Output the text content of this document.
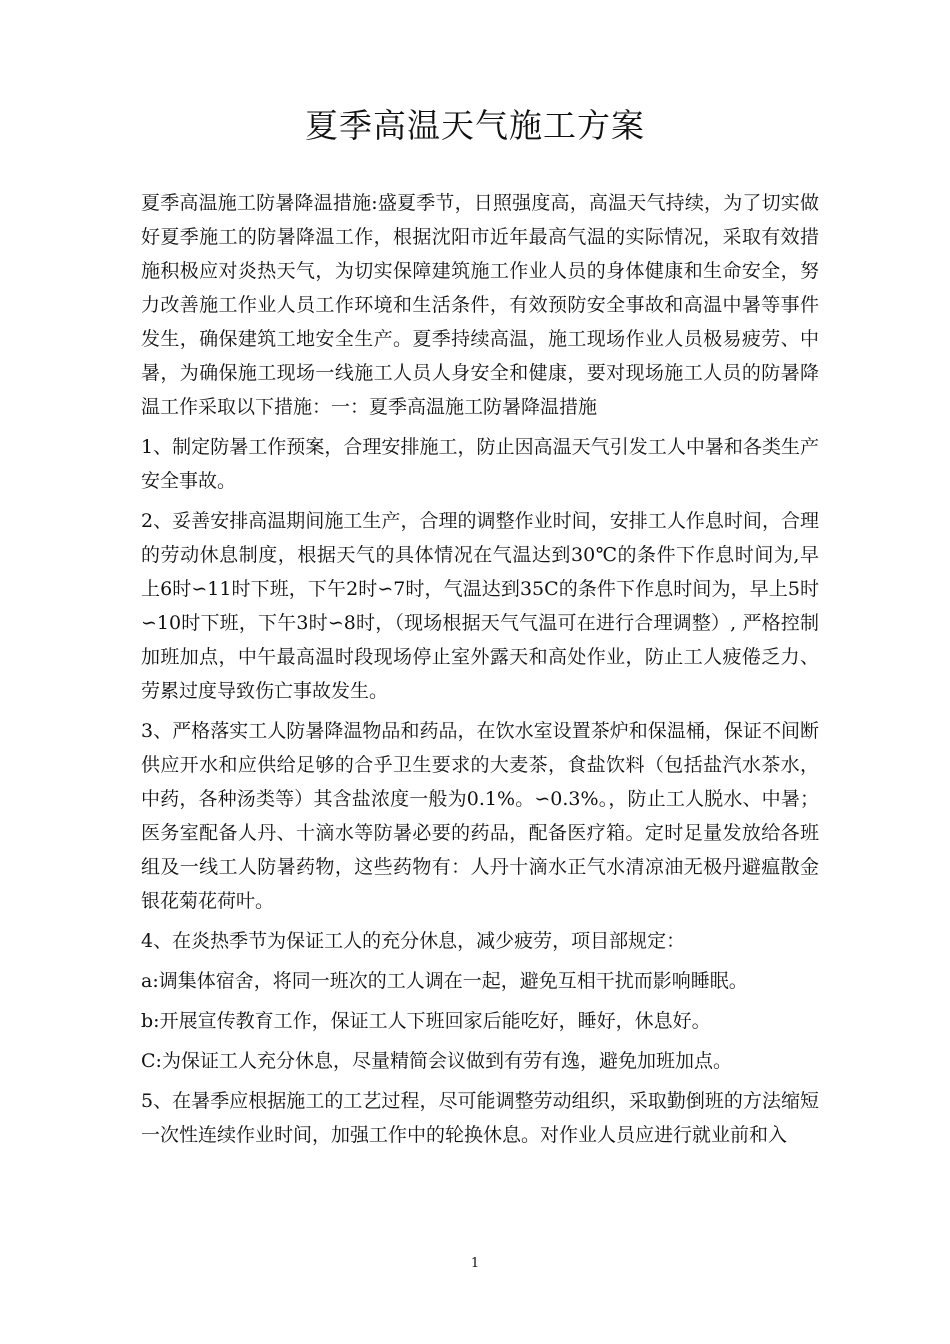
夏季高温天气施工方案

夏季高温施工防暑降温措施:盛夏季节，日照强度高，高温天气持续，为了切实做好夏季施工的防暑降温工作，根据沈阳市近年最高气温的实际情况，采取有效措施积极应对炎热天气，为切实保障建筑施工作业人员的身体健康和生命安全，努力改善施工作业人员工作环境和生活条件，有效预防安全事故和高温中暑等事件发生，确保建筑工地安全生产。夏季持续高温，施工现场作业人员极易疲劳、中暑，为确保施工现场一线施工人员人身安全和健康，要对现场施工人员的防暑降温工作采取以下措施：一：夏季高温施工防暑降温措施

1、制定防暑工作预案，合理安排施工，防止因高温天气引发工人中暑和各类生产安全事故。

2、妥善安排高温期间施工生产，合理的调整作业时间，安排工人作息时间，合理的劳动休息制度，根据天气的具体情况在气温达到30℃的条件下作息时间为,早上6时∽11时下班，下午2时∽7时，气温达到35C的条件下作息时间为，早上5时∽10时下班，下午3时∽8时，（现场根据天气气温可在进行合理调整）, 严格控制加班加点，中午最高温时段现场停止室外露天和高处作业，防止工人疲倦乏力、劳累过度导致伤亡事故发生。

3、严格落实工人防暑降温物品和药品，在饮水室设置茶炉和保温桶，保证不间断供应开水和应供给足够的合乎卫生要求的大麦茶，食盐饮料（包括盐汽水茶水，中药，各种汤类等）其含盐浓度一般为0.1%。∽0.3%。，防止工人脱水、中暑；医务室配备人丹、十滴水等防暑必要的药品，配备医疗箱。定时足量发放给各班组及一线工人防暑药物，这些药物有：人丹十滴水正气水清凉油无极丹避瘟散金银花菊花荷叶。

4、在炎热季节为保证工人的充分休息，减少疲劳，项目部规定：

a:调集体宿舍，将同一班次的工人调在一起，避免互相干扰而影响睡眠。

b:开展宣传教育工作，保证工人下班回家后能吃好，睡好，休息好。

C:为保证工人充分休息，尽量精简会议做到有劳有逸，避免加班加点。

5、在暑季应根据施工的工艺过程，尽可能调整劳动组织，采取勤倒班的方法缩短一次性连续作业时间，加强工作中的轮换休息。对作业人员应进行就业前和入

1
